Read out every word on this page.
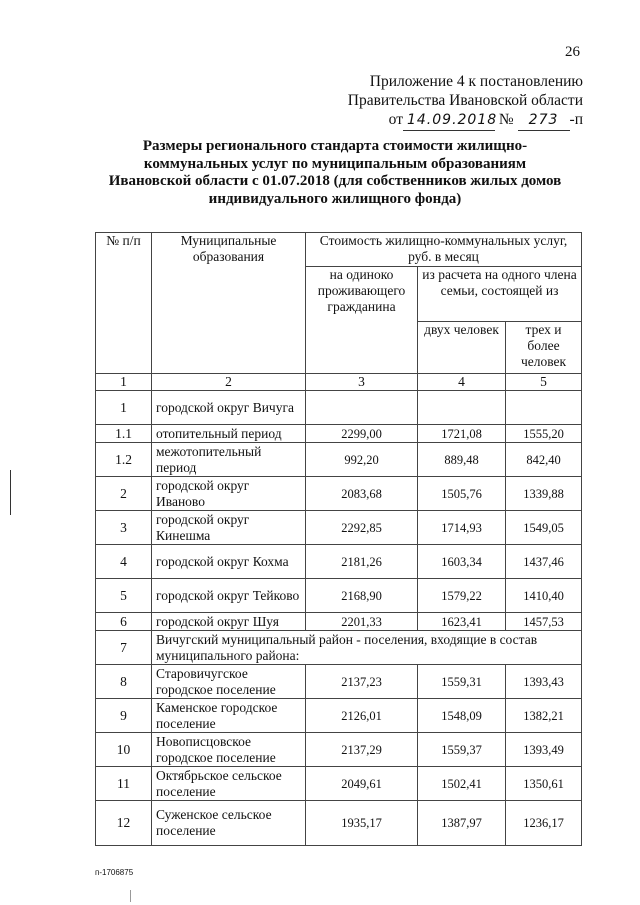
26
Приложение 4 к постановлению
Правительства Ивановской области
от 14.09.2018 № 273 -п
Размеры регионального стандарта стоимости жилищно-
коммунальных услуг по муниципальным образованиям
Ивановской области с 01.07.2018 (для собственников жилых домов
индивидуального жилищного фонда)
№ п/п	Муниципальные образования	Стоимость жилищно-коммунальных услуг, руб. в месяц		
		на одиноко проживающего гражданина	из расчета на одного члена семьи, состоящей из	
			двух человек	трех и более человек
1	2	3	4	5
1	городской округ Вичуга			
1.1	отопительный период	2299,00	1721,08	1555,20
1.2	межотопительный период	992,20	889,48	842,40
2	городской округ Иваново	2083,68	1505,76	1339,88
3	городской округ Кинешма	2292,85	1714,93	1549,05
4	городской округ Кохма	2181,26	1603,34	1437,46
5	городской округ Тейково	2168,90	1579,22	1410,40
6	городской округ Шуя	2201,33	1623,41	1457,53
7	Вичугский муниципальный район - поселения, входящие в состав муниципального района:			
8	Старовичугское городское поселение	2137,23	1559,31	1393,43
9	Каменское городское поселение	2126,01	1548,09	1382,21
10	Новописцовское городское поселение	2137,29	1559,37	1393,49
11	Октябрьское сельское поселение	2049,61	1502,41	1350,61
12	Суженское сельское поселение	1935,17	1387,97	1236,17
п-1706875
